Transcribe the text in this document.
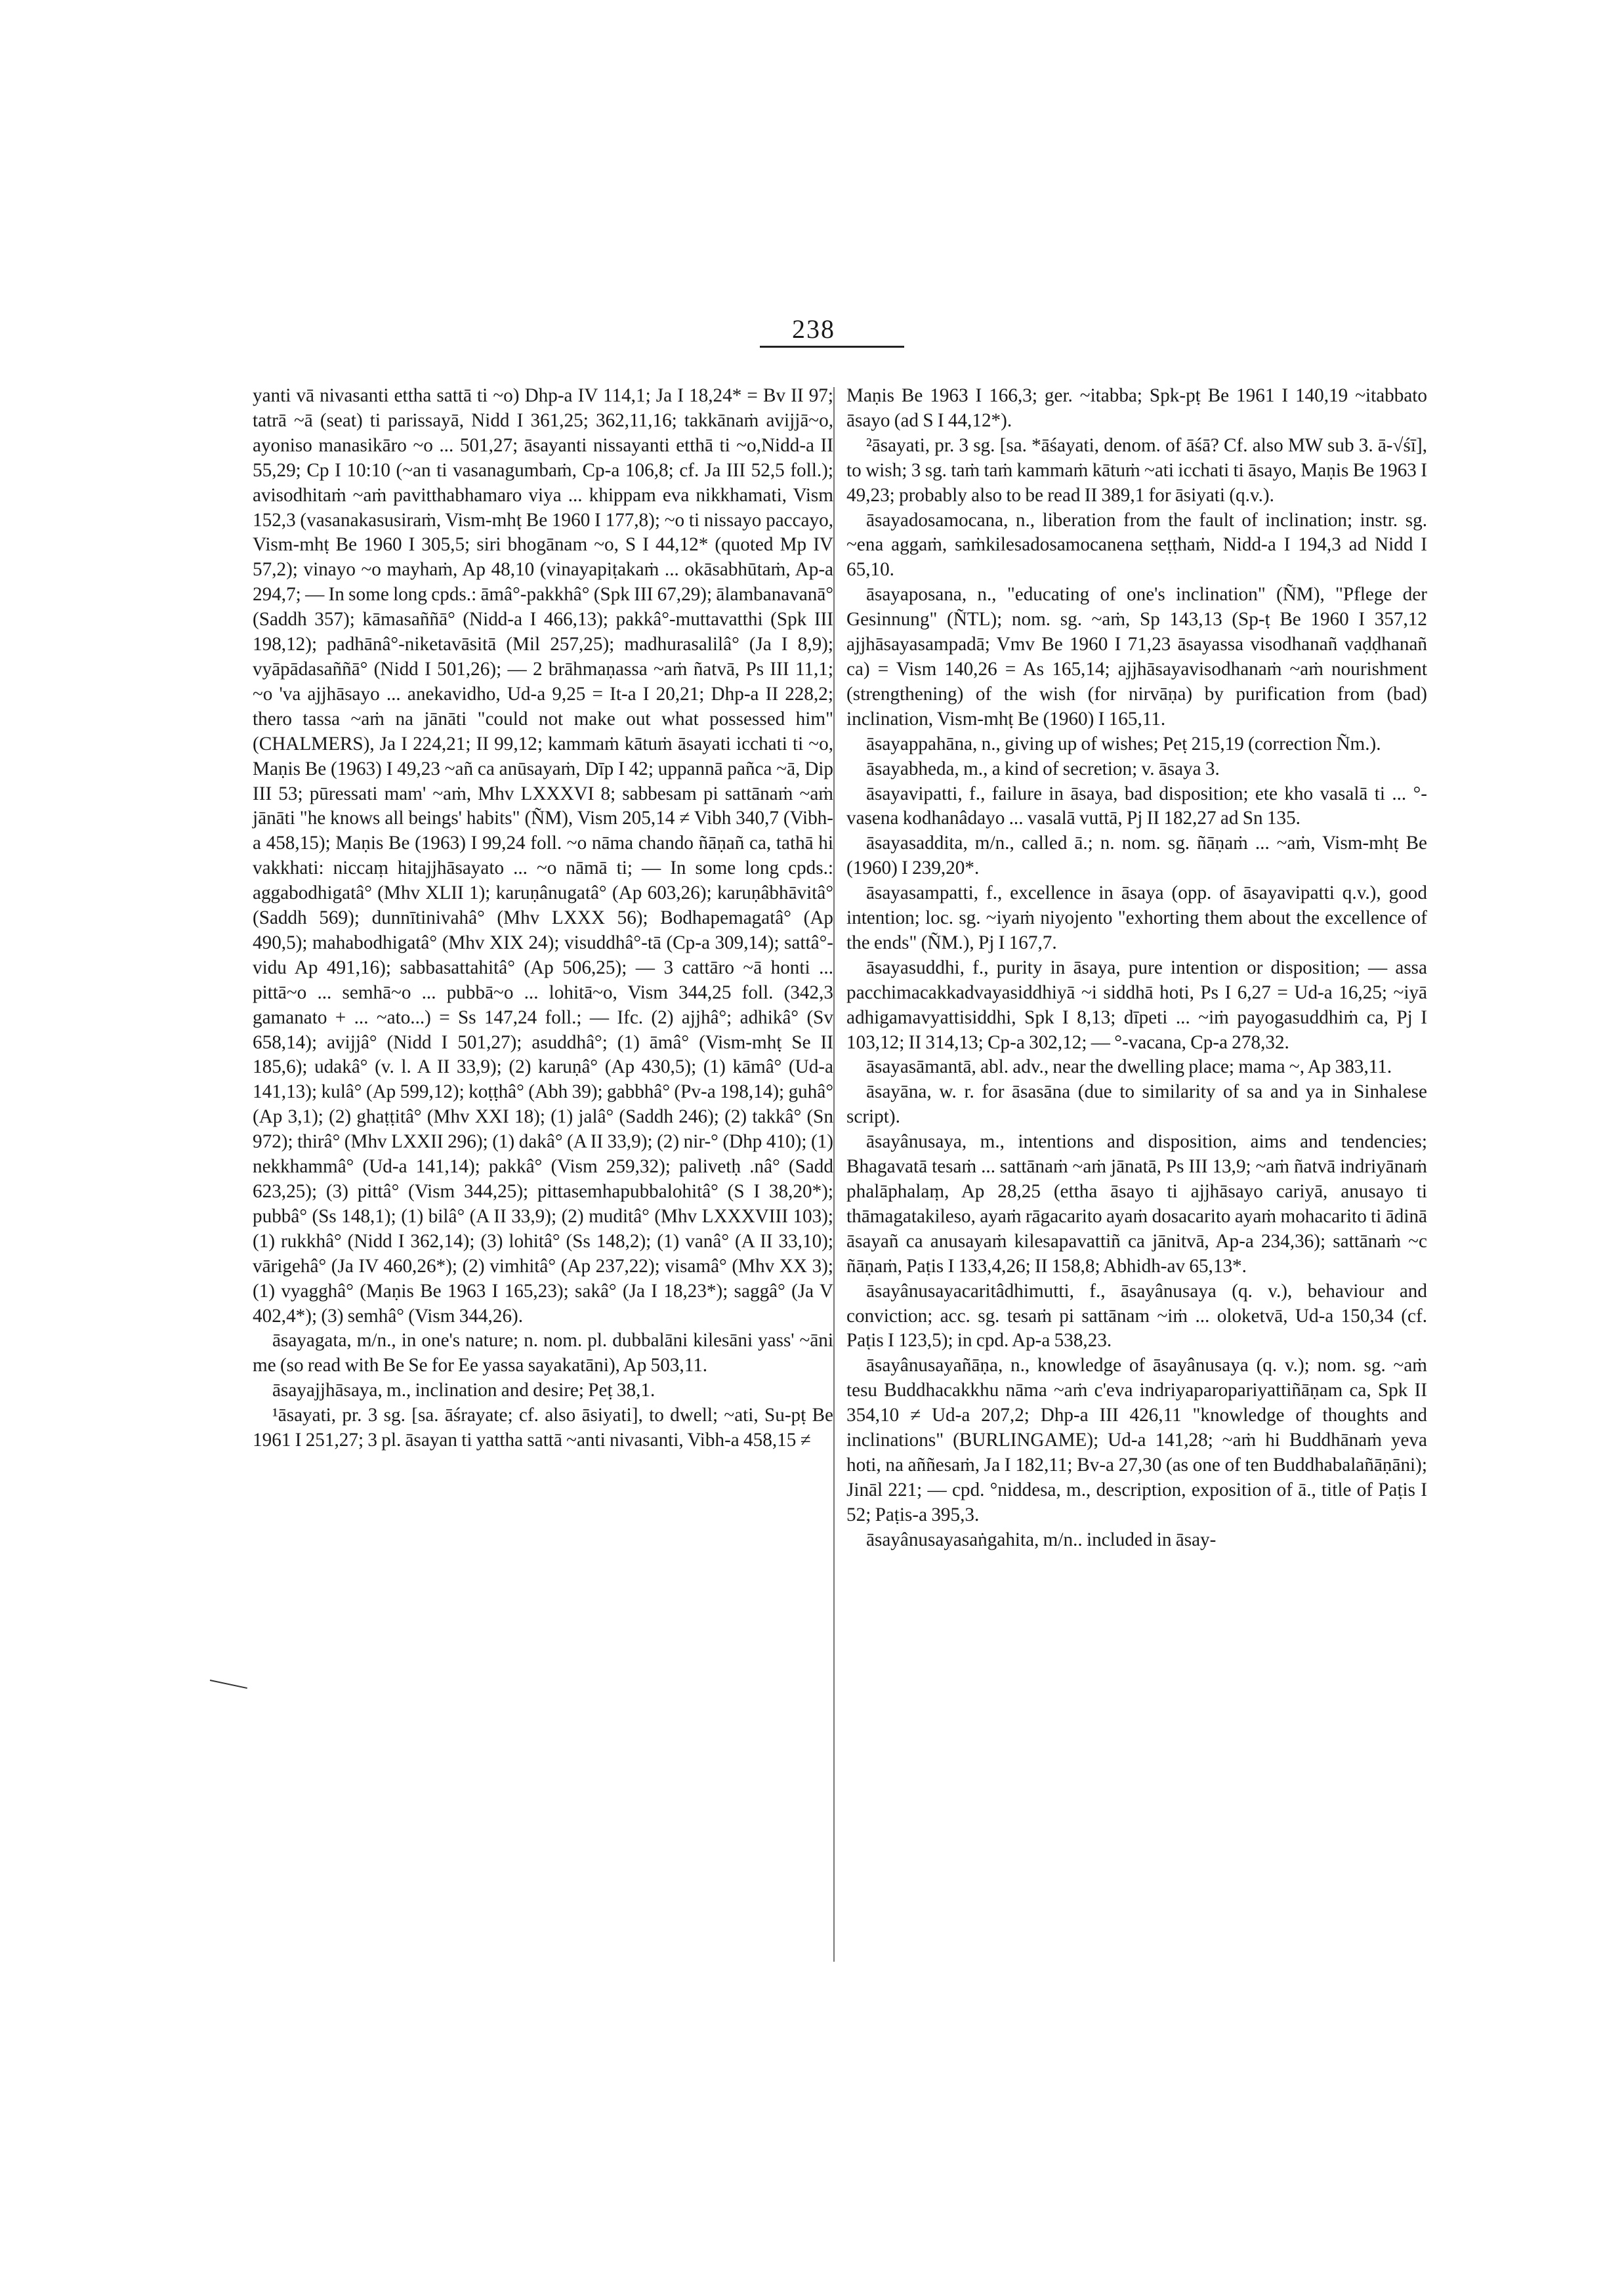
238

yanti vā nivasanti ettha sattā ti ~o) Dhp-a IV 114,1; Ja I 18,24* = Bv II 97; tatrā ~ā (seat) ti parissayā, Nidd I 361,25; 362,11,16; takkānaṁ avijjā~o, ayoniso manasikāro ~o ... 501,27; āsayanti nissayanti etthā ti ~o,Nidd-a II 55,29; Cp I 10:10 (~an ti vasanagumbaṁ, Cp-a 106,8; cf. Ja III 52,5 foll.); avisodhitaṁ ~aṁ pavitthabhamaro viya ... khippam eva nikkhamati, Vism 152,3 (vasanakasusiraṁ, Vism-mhṭ Be 1960 I 177,8); ~o ti nissayo paccayo, Vism-mhṭ Be 1960 I 305,5; siri bhogānam ~o, S I 44,12* (quoted Mp IV 57,2); vinayo ~o mayhaṁ, Ap 48,10 (vinayapiṭakaṁ ... okāsabhūtaṁ, Ap-a 294,7; — In some long cpds.: āmâ°-pakkhâ° (Spk III 67,29); ālambanavanā° (Saddh 357); kāmasaññā° (Nidd-a I 466,13); pakkâ°-muttavatthi (Spk III 198,12); padhānâ°-niketavāsitā (Mil 257,25); madhurasalilâ° (Ja I 8,9); vyāpādasaññā° (Nidd I 501,26); — 2 brāhmaṇassa ~aṁ ñatvā, Ps III 11,1; ~o 'va ajjhāsayo ... anekavidho, Ud-a 9,25 = It-a I 20,21; Dhp-a II 228,2; thero tassa ~aṁ na jānāti "could not make out what possessed him" (CHALMERS), Ja I 224,21; II 99,12; kammaṁ kātuṁ āsayati icchati ti ~o, Maṇis Be (1963) I 49,23 ~añ ca anūsayaṁ, Dīp I 42; uppannā pañca ~ā, Dip III 53; pūressati mam' ~aṁ, Mhv LXXXVI 8; sabbesam pi sattānaṁ ~aṁ jānāti "he knows all beings' habits" (ÑM), Vism 205,14 ≠ Vibh 340,7 (Vibh-a 458,15); Maṇis Be (1963) I 99,24 foll. ~o nāma chando ñāṇañ ca, tathā hi vakkhati: niccaṃ hitajjhāsayato ... ~o nāmā ti; — In some long cpds.: aggabodhigatâ° (Mhv XLII 1); karuṇânugatâ° (Ap 603,26); karuṇâbhāvitâ° (Saddh 569); dunnītinivahâ° (Mhv LXXX 56); Bodhapemagatâ° (Ap 490,5); mahabodhigatâ° (Mhv XIX 24); visuddhâ°-tā (Cp-a 309,14); sattâ°-vidu Ap 491,16); sabbasattahitâ° (Ap 506,25); — 3 cattāro ~ā honti ... pittā~o ... semhā~o ... pubbā~o ... lohitā~o, Vism 344,25 foll. (342,3 gamanato + ... ~ato...) = Ss 147,24 foll.; — Ifc. (2) ajjhâ°; adhikâ° (Sv 658,14); avijjâ° (Nidd I 501,27); asuddhâ°; (1) āmâ° (Vism-mhṭ Se II 185,6); udakâ° (v. l. A II 33,9); (2) karuṇâ° (Ap 430,5); (1) kāmâ° (Ud-a 141,13); kulâ° (Ap 599,12); koṭṭhâ° (Abh 39); gabbhâ° (Pv-a 198,14); guhâ° (Ap 3,1); (2) ghaṭṭitâ° (Mhv XXI 18); (1) jalâ° (Saddh 246); (2) takkâ° (Sn 972); thirâ° (Mhv LXXII 296); (1) dakâ° (A II 33,9); (2) nir-° (Dhp 410); (1) nekkhammâ° (Ud-a 141,14); pakkâ° (Vism 259,32); palivetḥ .nâ° (Sadd 623,25); (3) pittâ° (Vism 344,25); pittasemhapubbalohitâ° (S I 38,20*); pubbâ° (Ss 148,1); (1) bilâ° (A II 33,9); (2) muditâ° (Mhv LXXXVIII 103); (1) rukkhâ° (Nidd I 362,14); (3) lohitâ° (Ss 148,2); (1) vanâ° (A II 33,10); vārigehâ° (Ja IV 460,26*); (2) vimhitâ° (Ap 237,22); visamâ° (Mhv XX 3); (1) vyagghâ° (Maṇis Be 1963 I 165,23); sakâ° (Ja I 18,23*); saggâ° (Ja V 402,4*); (3) semhâ° (Vism 344,26).

āsayagata, m/n., in one's nature; n. nom. pl. dubbalāni kilesāni yass' ~āni me (so read with Be Se for Ee yassa sayakatāni), Ap 503,11.

āsayajjhāsaya, m., inclination and desire; Peṭ 38,1.

¹āsayati, pr. 3 sg. [sa. āśrayate; cf. also āsiyati], to dwell; ~ati, Su-pṭ Be 1961 I 251,27; 3 pl. āsayan ti yattha sattā ~anti nivasanti, Vibh-a 458,15 ≠

Maṇis Be 1963 I 166,3; ger. ~itabba; Spk-pṭ Be 1961 I 140,19 ~itabbato āsayo (ad S I 44,12*).

²āsayati, pr. 3 sg. [sa. *āśayati, denom. of āśā? Cf. also MW sub 3. ā-√śī], to wish; 3 sg. taṁ taṁ kammaṁ kātuṁ ~ati icchati ti āsayo, Maṇis Be 1963 I 49,23; probably also to be read II 389,1 for āsiyati (q.v.).

āsayadosamocana, n., liberation from the fault of inclination; instr. sg. ~ena aggaṁ, saṁkilesadosamocanena seṭṭhaṁ, Nidd-a I 194,3 ad Nidd I 65,10.

āsayaposana, n., "educating of one's inclination" (ÑM), "Pflege der Gesinnung" (ÑTL); nom. sg. ~aṁ, Sp 143,13 (Sp-ṭ Be 1960 I 357,12 ajjhāsayasampadā; Vmv Be 1960 I 71,23 āsayassa visodhanañ vaḍḍhanañ ca) = Vism 140,26 = As 165,14; ajjhāsayavisodhanaṁ ~aṁ nourishment (strengthening) of the wish (for nirvāṇa) by purification from (bad) inclination, Vism-mhṭ Be (1960) I 165,11.

āsayappahāna, n., giving up of wishes; Peṭ 215,19 (correction Ñm.).

āsayabheda, m., a kind of secretion; v. āsaya 3.

āsayavipatti, f., failure in āsaya, bad disposition; ete kho vasalā ti ... °-vasena kodhanâdayo ... vasalā vuttā, Pj II 182,27 ad Sn 135.

āsayasaddita, m/n., called ā.; n. nom. sg. ñāṇaṁ ... ~aṁ, Vism-mhṭ Be (1960) I 239,20*.

āsayasampatti, f., excellence in āsaya (opp. of āsayavipatti q.v.), good intention; loc. sg. ~iyaṁ niyojento "exhorting them about the excellence of the ends" (ÑM.), Pj I 167,7.

āsayasuddhi, f., purity in āsaya, pure intention or disposition; — assa pacchimacakkadvayasiddhiyā ~i siddhā hoti, Ps I 6,27 = Ud-a 16,25; ~iyā adhigamavyattisiddhi, Spk I 8,13; dīpeti ... ~iṁ payogasuddhiṁ ca, Pj I 103,12; II 314,13; Cp-a 302,12; — °-vacana, Cp-a 278,32.

āsayasāmantā, abl. adv., near the dwelling place; mama ~, Ap 383,11.

āsayāna, w. r. for āsasāna (due to similarity of sa and ya in Sinhalese script).

āsayânusaya, m., intentions and disposition, aims and tendencies; Bhagavatā tesaṁ ... sattānaṁ ~aṁ jānatā, Ps III 13,9; ~aṁ ñatvā indriyānaṁ phalāphalaṃ, Ap 28,25 (ettha āsayo ti ajjhāsayo cariyā, anusayo ti thāmagatakileso, ayaṁ rāgacarito ayaṁ dosacarito ayaṁ mohacarito ti ādinā āsayañ ca anusayaṁ kilesapavattiñ ca jānitvā, Ap-a 234,36); sattānaṁ ~c ñāṇaṁ, Paṭis I 133,4,26; II 158,8; Abhidh-av 65,13*.

āsayânusayacaritâdhimutti, f., āsayânusaya (q. v.), behaviour and conviction; acc. sg. tesaṁ pi sattānam ~iṁ ... oloketvā, Ud-a 150,34 (cf. Paṭis I 123,5); in cpd. Ap-a 538,23.

āsayânusayañāṇa, n., knowledge of āsayânusaya (q. v.); nom. sg. ~aṁ tesu Buddhacakkhu nāma ~aṁ c'eva indriyaparopariyattiñāṇam ca, Spk II 354,10 ≠ Ud-a 207,2; Dhp-a III 426,11 "knowledge of thoughts and inclinations" (BURLINGAME); Ud-a 141,28; ~aṁ hi Buddhānaṁ yeva hoti, na aññesaṁ, Ja I 182,11; Bv-a 27,30 (as one of ten Buddhabalañāṇāni); Jināl 221; — cpd. °niddesa, m., description, exposition of ā., title of Paṭis I 52; Paṭis-a 395,3.

āsayânusayasaṅgahita, m/n.. included in āsay-
